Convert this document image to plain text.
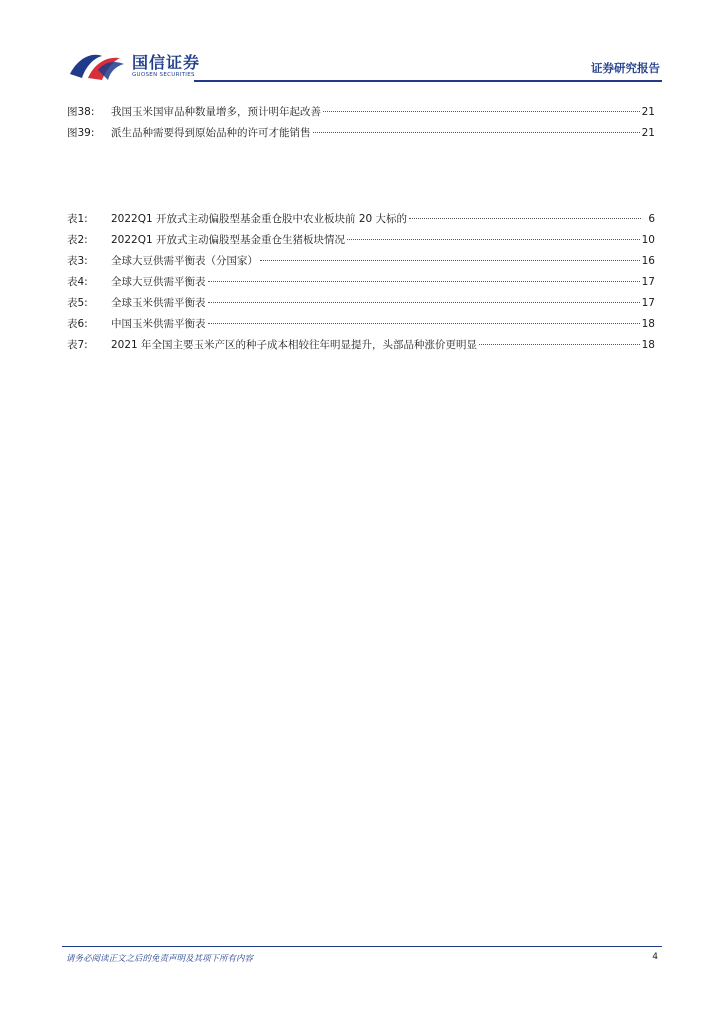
国信证券
GUOSEN SECURITIES	证券研究报告
图38:	我国玉米国审品种数量增多，预计明年起改善	21
图39:	派生品种需要得到原始品种的许可才能销售	21
表1:	2022Q1 开放式主动偏股型基金重仓股中农业板块前 20 大标的	6
表2:	2022Q1 开放式主动偏股型基金重仓生猪板块情况	10
表3:	全球大豆供需平衡表（分国家）	16
表4:	全球大豆供需平衡表	17
表5:	全球玉米供需平衡表	17
表6:	中国玉米供需平衡表	18
表7:	2021 年全国主要玉米产区的种子成本相较往年明显提升，头部品种涨价更明显	18
请务必阅读正文之后的免责声明及其项下所有内容	4
